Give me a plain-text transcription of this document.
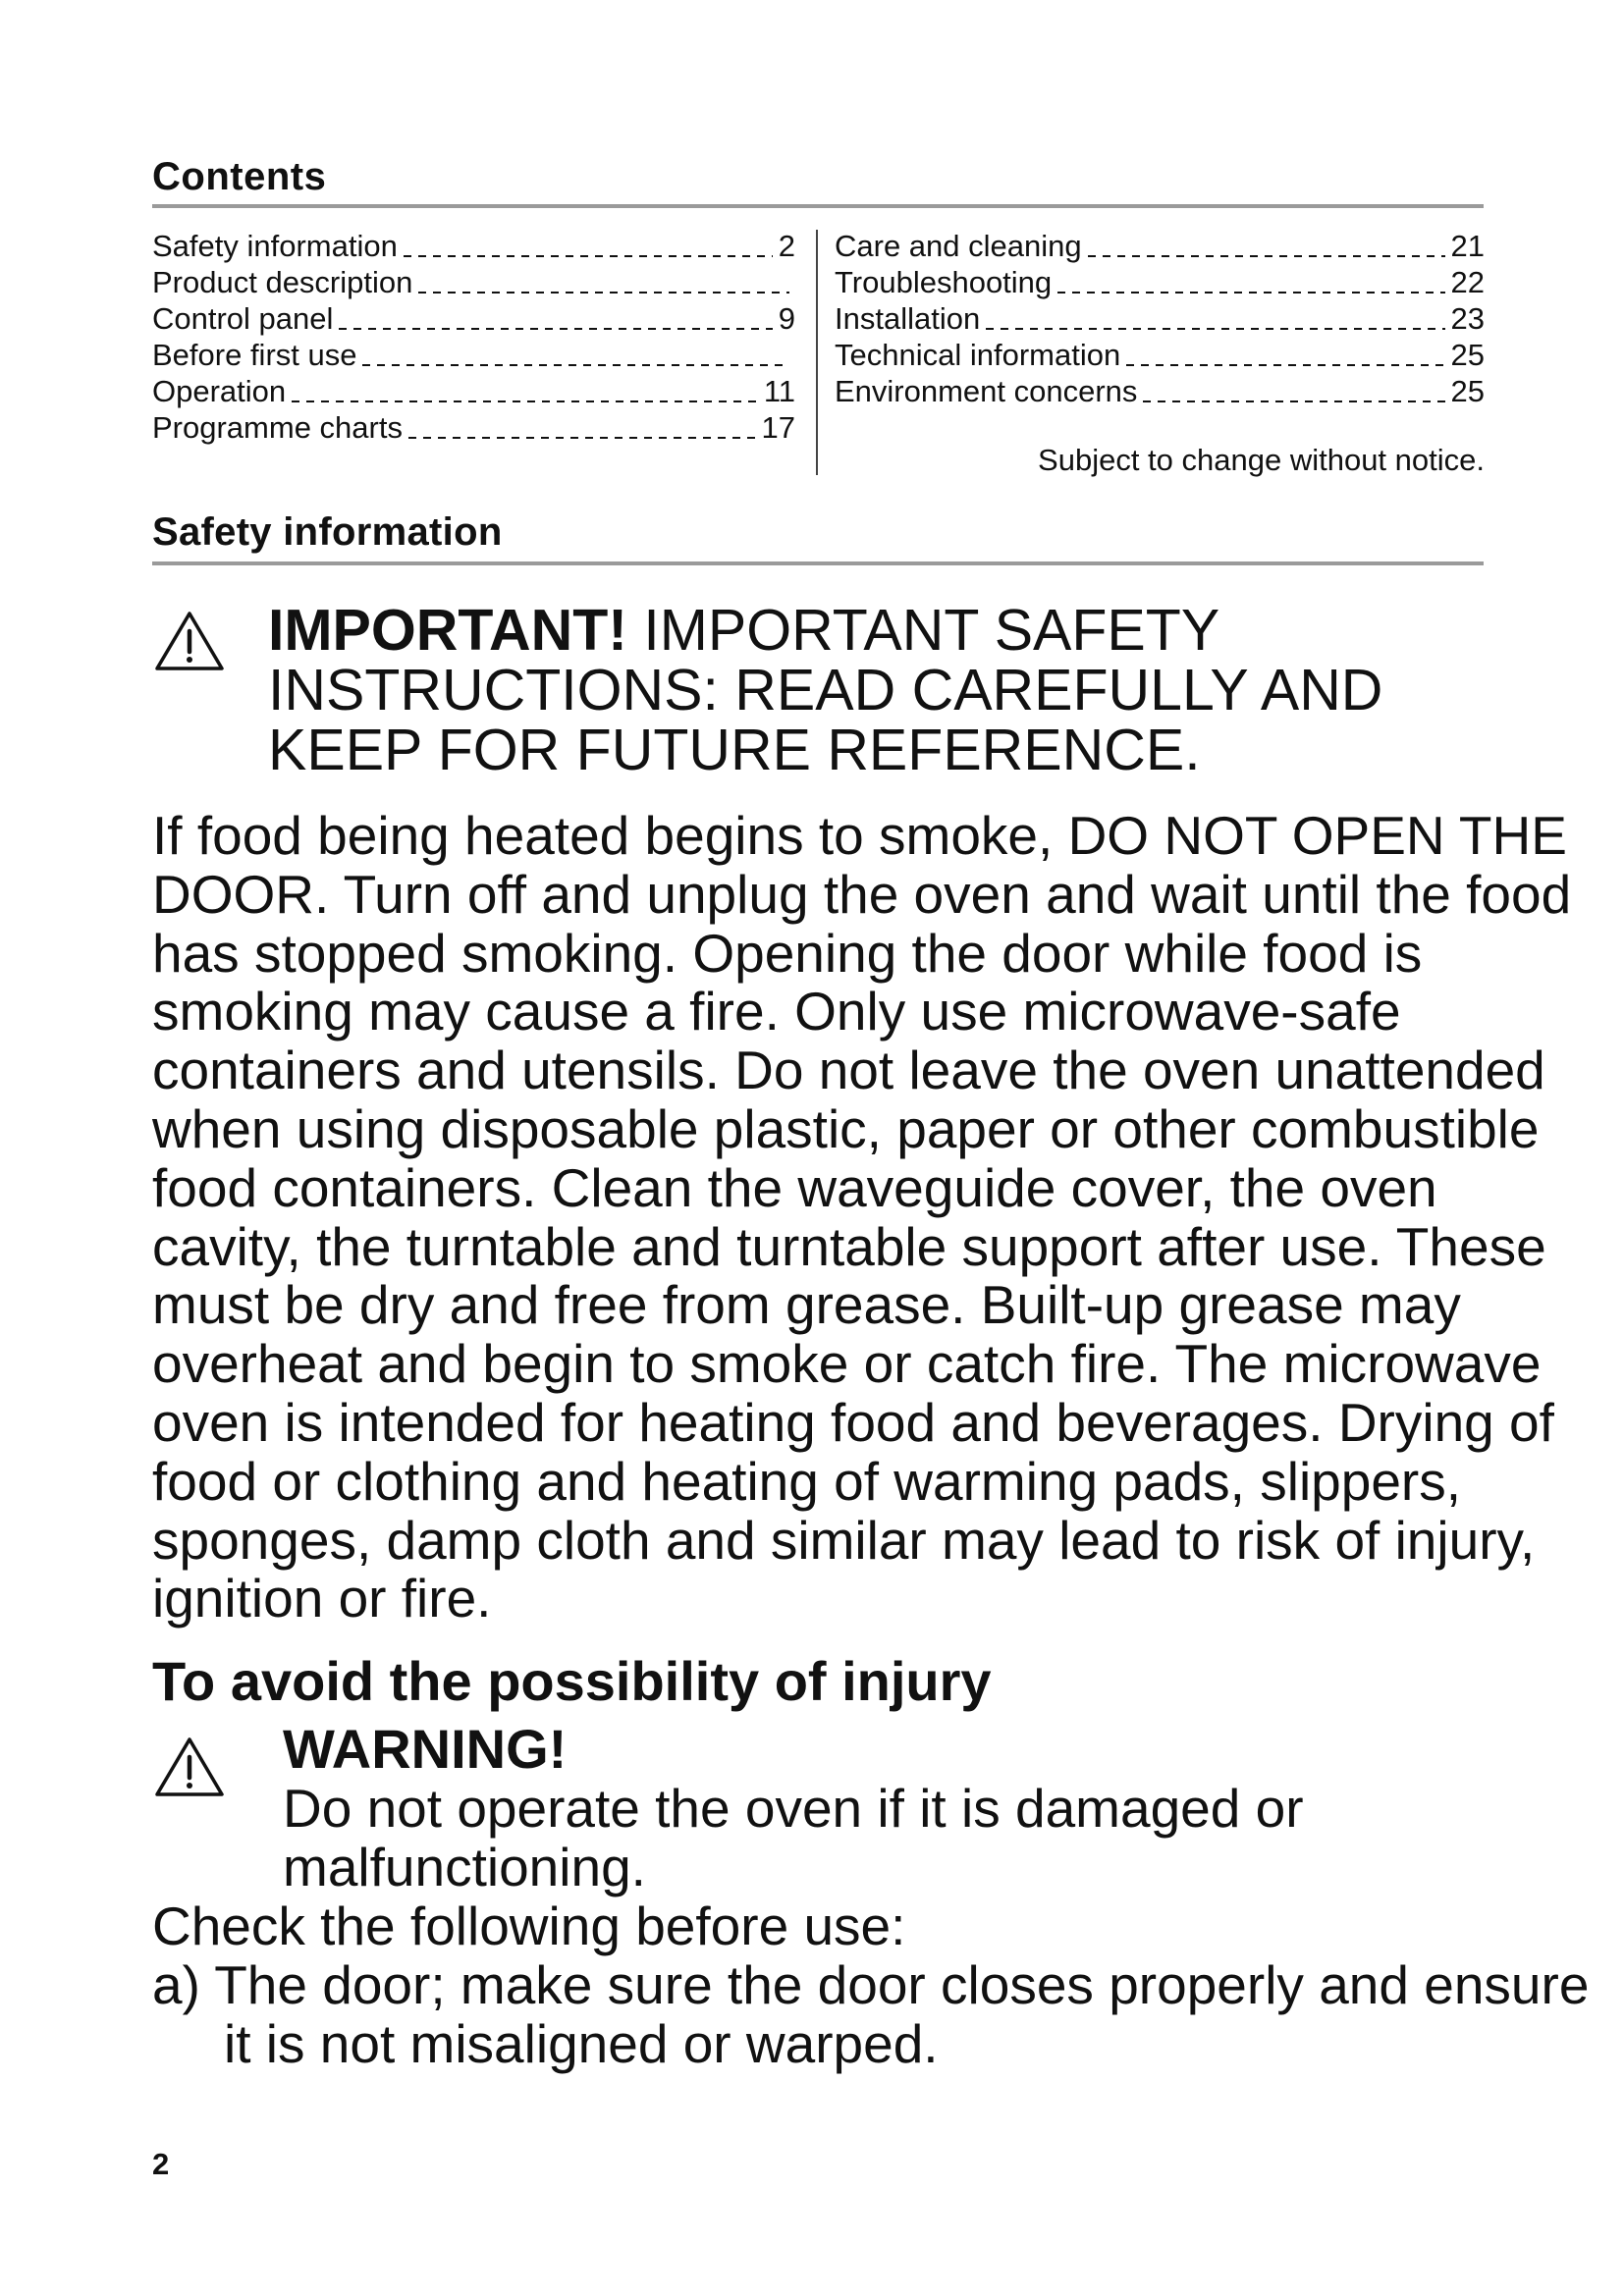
Contents
Safety information	2
Product description
Control panel	9
Before first use
Operation	11
Programme charts	17
Care and cleaning	21
Troubleshooting	22
Installation	23
Technical information	25
Environment concerns	25
Subject to change without notice.
Safety information
IMPORTANT! IMPORTANT SAFETY INSTRUCTIONS: READ CAREFULLY AND KEEP FOR FUTURE REFERENCE.
If food being heated begins to smoke, DO NOT OPEN THE DOOR. Turn off and unplug the oven and wait until the food has stopped smoking. Opening the door while food is smoking may cause a fire. Only use microwave-safe containers and utensils. Do not leave the oven unattended when using disposable plastic, paper or other combustible food containers. Clean the waveguide cover, the oven cavity, the turntable and turntable support after use. These must be dry and free from grease. Built-up grease may overheat and begin to smoke or catch fire. The microwave oven is intended for heating food and beverages. Drying of food or clothing and heating of warming pads, slippers, sponges, damp cloth and similar may lead to risk of injury, ignition or fire.
To avoid the possibility of injury
WARNING!
Do not operate the oven if it is damaged or malfunctioning.
Check the following before use:
a) The door; make sure the door closes properly and ensure it is not misaligned or warped.
2
